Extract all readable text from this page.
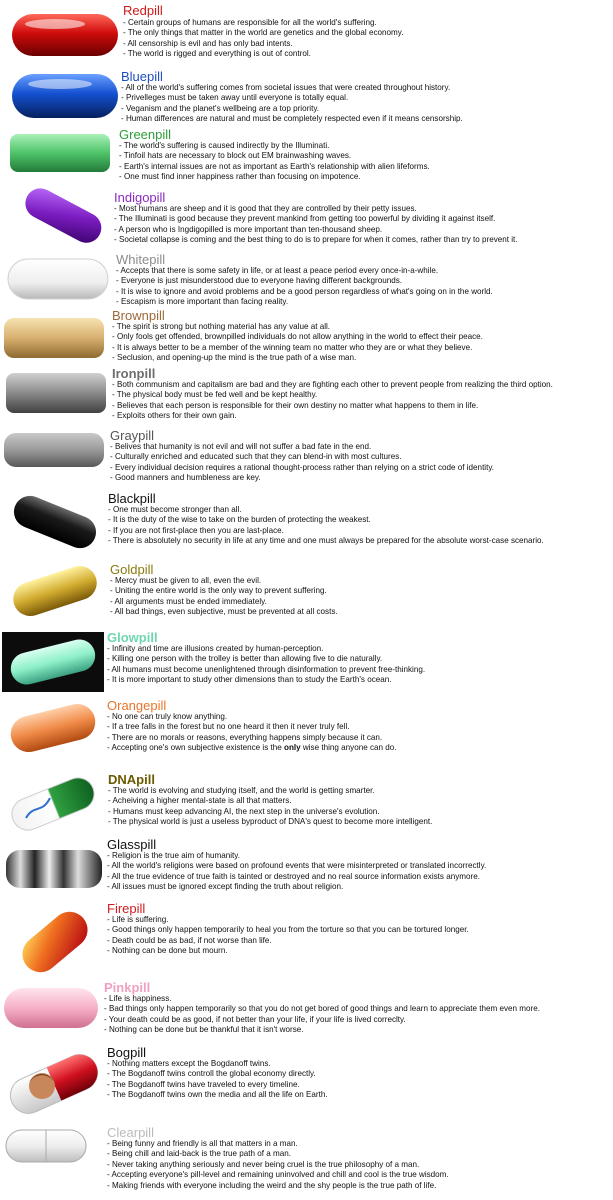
Redpill
- Certain groups of humans are responsible for all the world's suffering.
- The only things that matter in the world are genetics and the global economy.
- All censorship is evil and has only bad intents.
- The world is rigged and everything is out of control.
Bluepill
- All of the world's suffering comes from societal issues that were created throughout history.
- Privelleges must be taken away until everyone is totally equal.
- Veganism and the planet's wellbeing are a top priority.
- Human differences are natural and must be completely respected even if it means censorship.
Greenpill
- The world's suffering is caused indirectly by the Illuminati.
- Tinfoil hats are necessary to block out EM brainwashing waves.
- Earth's internal issues are not as important as Earth's relationship with alien lifeforms.
- One must find inner happiness rather than focusing on impotence.
Indigopill
- Most humans are sheep and it is good that they are controlled by their petty issues.
- The Illuminati is good because they prevent mankind from getting too powerful by dividing it against itself.
- A person who is Ingdigopilled is more important than ten-thousand sheep.
- Societal collapse is coming and the best thing to do is to prepare for when it comes, rather than try to prevent it.
Whitepill
- Accepts that there is some safety in life, or at least a peace period every once-in-a-while.
- Everyone is just misunderstood due to everyone having different backgrounds.
- It is wise to ignore and avoid problems and be a good person regardless of what's going on in the world.
- Escapism is more important than facing reality.
Brownpill
- The spirit is strong but nothing material has any value at all.
- Only fools get offended, brownpilled individuals do not allow anything in the world to effect their peace.
- It is always better to be a member of the winning team no matter who they are or what they believe.
- Seclusion, and opening-up the mind is the true path of a wise man.
Ironpill
- Both communism and capitalism are bad and they are fighting each other to prevent people from realizing the third option.
- The physical body must be fed well and be kept healthy.
- Believes that each person is responsible for their own destiny no matter what happens to them in life.
- Exploits others for their own gain.
Graypill
- Belives that humanity is not evil and will not suffer a bad fate in the end.
- Culturally enriched and educated such that they can blend-in with most cultures.
- Every individual decision requires a rational thought-process rather than relying on a strict code of identity.
- Good manners and humbleness are key.
Blackpill
- One must become stronger than all.
- It is the duty of the wise to take on the burden of protecting the weakest.
- If you are not first-place then you are last-place.
- There is absolutely no security in life at any time and one must always be prepared for the absolute worst-case scenario.
Goldpill
- Mercy must be given to all, even the evil.
- Uniting the entire world is the only way to prevent suffering.
- All arguments must be ended immediately.
- All bad things, even subjective, must be prevented at all costs.
Glowpill
- Infinity and time are illusions created by human-perception.
- Killing one person with the trolley is better than allowing five to die naturally.
- All humans must become unenlightened through disinformation to prevent free-thinking.
- It is more important to study other dimensions than to study the Earth's ocean.
Orangepill
- No one can truly know anything.
- If a tree falls in the forest but no one heard it then it never truly fell.
- There are no morals or reasons, everything happens simply because it can.
- Accepting one's own subjective existence is the only wise thing anyone can do.
DNApill
- The world is evolving and studying itself, and the world is getting smarter.
- Acheiving a higher mental-state is all that matters.
- Humans must keep advancing AI, the next step in the universe's evolution.
- The physical world is just a useless byproduct of DNA's quest to become more intelligent.
Glasspill
- Religion is the true aim of humanity.
- All the world's religions were based on profound events that were misinterpreted or translated incorrectly.
- All the true evidence of true faith is tainted or destroyed and no real source information exists anymore.
- All issues must be ignored except finding the truth about religion.
Firepill
- Life is suffering.
- Good things only happen temporarily to heal you from the torture so that you can be tortured longer.
- Death could be as bad, if not worse than life.
- Nothing can be done but mourn.
Pinkpill
- Life is happiness.
- Bad things only happen temporarily so that you do not get bored of good things and learn to appreciate them even more.
- Your death could be as good, if not better than your life, if your life is lived correclty.
- Nothing can be done but be thankful that it isn't worse.
Bogpill
- Nothing matters except the Bogdanoff twins.
- The Bogdanoff twins controll the global economy directly.
- The Bogdanoff twins have traveled to every timeline.
- The Bogdanoff twins own the media and all the life on Earth.
Clearpill
- Being funny and friendly is all that matters in a man.
- Being chill and laid-back is the true path of a man.
- Never taking anything seriously and never being cruel is the true philosophy of a man.
- Accepting everyone's pill-level and remaining uninvolved and chill and cool is the true wisdom.
- Making friends with everyone including the weird and the shy people is the true path of life.
